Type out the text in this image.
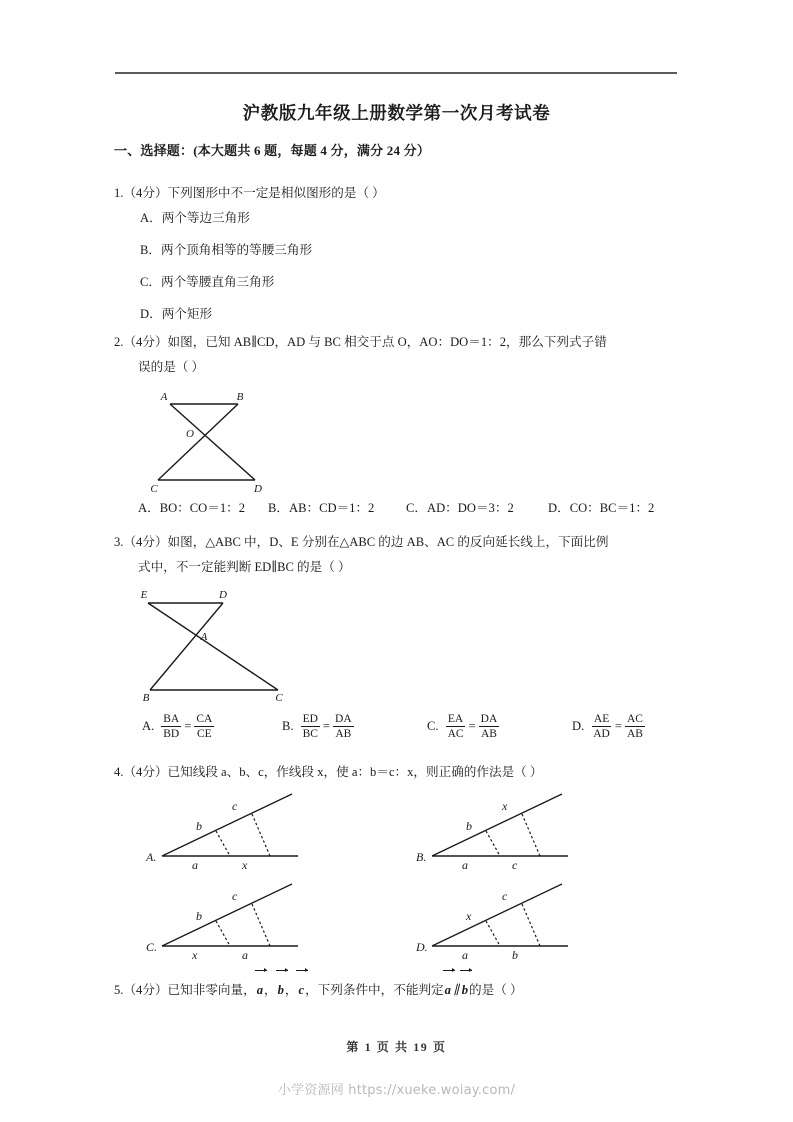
沪教版九年级上册数学第一次月考试卷
一、选择题：(本大题共 6 题，每题 4 分，满分 24 分）
1.（4分）下列图形中不一定是相似图形的是（ ）
A．两个等边三角形
B．两个顶角相等的等腰三角形
C．两个等腰直角三角形
D．两个矩形
2.（4分）如图，已知 AB∥CD，AD 与 BC 相交于点 O，AO：DO＝1：2，那么下列式子错
误的是（ ）
A	B
O
C	D
A．BO：CO＝1：2	B．AB：CD＝1：2	C．AD：DO＝3：2	D．CO：BC＝1：2
3.（4分）如图，△ABC 中，D、E 分别在△ABC 的边 AB、AC 的反向延长线上，下面比例
式中，不一定能判断 ED∥BC 的是（ ）
E	D
A
B	C
A. $\frac{BA}{BD} = \frac{CA}{CE}$	B. $\frac{ED}{BC} = \frac{DA}{AB}$	C. $\frac{EA}{AC} = \frac{DA}{AB}$	D. $\frac{AE}{AD} = \frac{AC}{AB}$
4.（4分）已知线段 a、b、c，作线段 x，使 a：b＝c：x，则正确的作法是（ ）
A.
b
c
a	x
B.
b
x
a	c
C.
b
c
x	a
D.
x
c
a	b
5.（4分）已知非零向量，a，b，c，下列条件中，不能判定a∥b的是（ ）
第 1 页 共 19 页
小学资源网 https://xueke.woiay.com/
